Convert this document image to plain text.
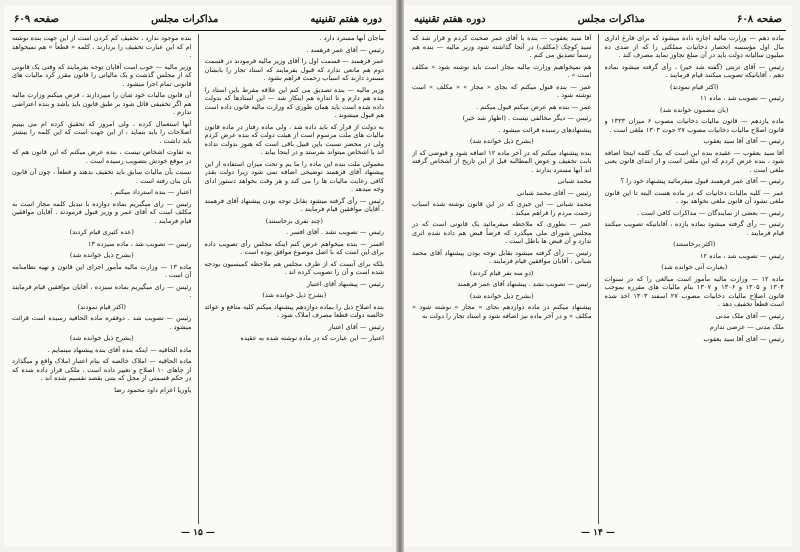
دوره هفتم تقنینیه
مذاکرات مجلس
صفحه ۶۰۹

ماجان آنها مسترد دارد .

رئیس — آقای عمر فرهمند .

عمر فرهمند — قسمت اول را آقای وزیر مالیه فرمودند در قسمت دوم هم مانعی ندارد که قبول بفرمایند که استاد تجار را بابشان مسترد دارند که اسباب زحمت فراهم نشود .

وزیر مالیه — بنده تصدیق می کنم این علاقه مفرط باین استاد را بنده هم دارم و تا اندازه هم اینکار شد — این استادها که بدولت داده شده است باید همان طوری که وزارت مالیه قانون داده است هم قبول میشوند .

به دولت از قرار که باید داده شد ، ولی ماده رفتار در ماده قانون مالیات های ملت مرسوم است از هیئت دولت که بنده عرض کردم ولی در محضر نسبت باین قبیل باقی است که هنوز بدولت نداده اند با اشخاص میتواند بفرستد و در اینجا بیاید .

معمولی ملت بنده این ماده را ما یم و تحت میزان استفاده از این پیشنهاد آقای فرهمند توضیحی اضافه نمی شود زیرا دولت بقدر کافی رعایت مالیات ها را می کند و هر وقت بخواهد دستور ادای وجه میدهد .

رئیس — رأی گرفته میشود بقابل توجه بودن پیشنهاد آقای فرهمند . آقایان موافقین قیام فرمایند .

(چند نفری برخاستند)

رئیس — تصویب نشد . آقای افسر .

افسر — بنده میخواهم عرض کنم اینکه مجلس رأی تصویب داده برای این است که با اصل موضوع موافق بوده است .

بلکه برای آنست که از طرف مجلس هم ملاحظه کمیسیون بودجه شده است و آن را تصویب کرده اند .

رئیس — پیشنهاد آقای اعتبار

(بشرح ذیل خوانده شد)

بنده اصلاح ذیل را بماده دوازدهم پیشنهاد میکنم کلیه منافع و عوائد خالصه دولت قطعا مصرف املاک شود .

رئیس — آقای اعتبار

اعتبار — این عبارت که در ماده نوشته شده به عقیده

بنده موجود ندارد ، تخفیف کم کردن است از این جهت بنده نوشته ام که این عبارت تخفیف را بردارند ، کلمه « قطعاً » هم نمیخواهد .

وزیر مالیه — خوب است آقایان توجه بفرمایند که وقتی یک قانونی که از مجلس گذشت و یک مالیاتی را قانون مقرر کرد مالیات های قانونی تمام اجرا میشود .

آن قانون مالیات خود شان را میپردازند ، فرض میکنم وزارت مالیه هم اگر تخفیفی قائل شود بر طبق قانون باید باشد و بنده اعتراضی ندارم .

آنها استعمال کرده ، ولی امروز که تحقیق کرده ام می بینیم اصلاحات را باید بنماید ، از این جهت است که این کلمه را بیشتر باید داشت .

به تفاوت اشخاص نیست ، بنده عرض میکنم که این قانون هم که در موقع خودش بتصویب رسیده است .

تسبت بآن مالیات سابق باید تخفیف بدهند و قطعاً ، چون آن قانون بآن بنان رفته است .

اعتبار — بنده استرداد میکنم .

رئیس — رای میگیریم بماده دوازده با تبدیل کلمه مجاز است به مکلف است که آقای عمر و وزیر قبول فرمودند . آقایان موافقین قیام فرمایند .

(عده کثیری قیام کردند)

رئیس — تصویب شد ، ماده سیزده ۱۳

(بشرح ذیل خوانده شد)

ماده ۱۳ — وزارت مالیه مأمور اجرای این قانون و تهیه نظامنامه آن است .

رئیس — رای میگیریم بماده سیزده ، آقایان موافقین قیام فرمایند .

(اکثر قیام نمودند)

رئیس — تصویب شد . دوفقره ماده الحاقیه رسیده است قرائت میشود .

(بشرح ذیل خوانده شد)

ماده الحاقیه — اینکه بنده آقای بنده پیشنهاد مینمایم .

ماده الحاقیه — املاک خالصه که بنام اعتبار املاک واقع و میگذارد از جاهای ۱۰ اصلاح و تغییر داده است ، ملکی قرار داده شده که در حکم قسمتی از محل که بتنی بقصد تقسیم شده اند .

یاوریا اعزام داود محمود رضا

— ۱۵ —
صفحه ۶۰۸
مذاکرات مجلس
دوره هفتم تقنینیه

ماده دهم — وزارت مالیه اجازه داده میشود که برای فارغ اداری مال اول مؤسسه انحصار دخانیات مملکتی را که از صدی ده میلیون سالیانه دولت باید در آن مبلغ تجاوز نماید مصرف کند .

رئیس — آقای تربتی (گفته شد خیر) ، رأی گرفته میشود بماده دهم ، آقایانیکه تصویب میکنند قیام فرمایند .

(اکثر قیام نمودند)

رئیس — تصویب شد ، ماده ۱۱

(بان مضمون خوانده شد)

ماده یازدهم — قانون مالیات دخانیات مصوب ۶ میزان ۱۳۳۳ و قانون اصلاح مالیات دخانیات مصوب ۲۷ حوت ۱۳۰۳ ملغی است .

رئیس — آقای آقا سید یعقوب

آقا سید یعقوب — عقیده بنده این است که بیک کلمه اینجا اضافه شود ، بنده عرض کردم که این ملغی است و از ابتدای قانون یعنی ملغی است .

رئیس — آقای عمر فرهمند قبول میفرمائید پیشنهاد خود را ؟

عمر — کلیه مالیات دخانیات که در ماده هست البته تا این قانون ملغی نشود آن قانون ملغی نخواهد بود .

رئیس — بعضی از نمایندگان — مذاکرات کافی است .

رئیس — رأی گرفته میشود بماده یازده ، آقایانیکه تصویب میکنند قیام فرمایند .

(اکثر برخاستند)

رئیس — تصویب شد ، ماده ۱۲

(بعبارت آتی خوانده شد)

ماده ۱۲ — وزارت مالیه مأمور است مبالغی را که در سنوات ۱۳۰۴ و ۱۳۰۵ و ۱۳۰۶ و ۱۳۰۷ بنام مالیات های مقرره بموجب قانون اصلاح مالیات دخانیات مصوب ۲۷ اسفند ۱۳۰۳ اخذ شده است قطعاً تخفیف دهد .

رئیس — آقای ملک مدنی

ملک مدنی — عرضی ندارم

رئیس — آقای آقا سید یعقوب

آقا سید یعقوب — بنده با آقای عمر صحبت کردم و قرار شد که سید کوچک (مکلف) در آنجا گذاشته شود وزیر مالیه — بنده هم رسماً تصدیق می کنم .

هم نمیخواهیم وزارت مالیه مجاز است باید نوشته شود « مکلف است » .

عمر — بنده قبول میکنم که بجای « مجاز » « مکلف » است نوشته شود .

عمر — بنده هم عرض میکنم قبول میکنم .

رئیس — دیگر مخالفی نیست . (اظهار شد خیر)

پیشنهادهای رسیده قرائت میشود .

(بشرح ذیل خوانده شد)

بنده پیشنهاد میکنم که در آخر ماده ۱۲ اضافه شود و قبوضی که از بابت تخفیف و عوض المطالبه قبل از این تاریخ از اشخاص گرفته اند آنها مسترد بدارند .

محمد شبانی

رئیس — آقای محمد شبانی

محمد شبانی — این جیزی که در این قانون نوشته شده اسباب زحمت مردم را فراهم میکند .

عمر — بطوری که ملاحظه میفرمائید یک قانونی است که در مجلس شورای ملی میگذرد که فرضاً قبض هم داده شده اثری ندارد و آن قبض ها باطل است .

رئیس — رأی گرفته میشود بقابل توجه بودن پیشنهاد آقای محمد شبانی ، آقایان موافقین قیام فرمایند .

(دو سه نفر قیام کردند)

رئیس — تصویب نشد . پیشنهاد آقای عمر فرهمند

(بشرح ذیل خوانده شد)

پیشنهاد میکنم در ماده دوازدهم بجای « مجاز » نوشته شود « مکلف » و در آخر ماده نیز اضافه شود و استاد تجار را دولت به

— ۱۴ —
